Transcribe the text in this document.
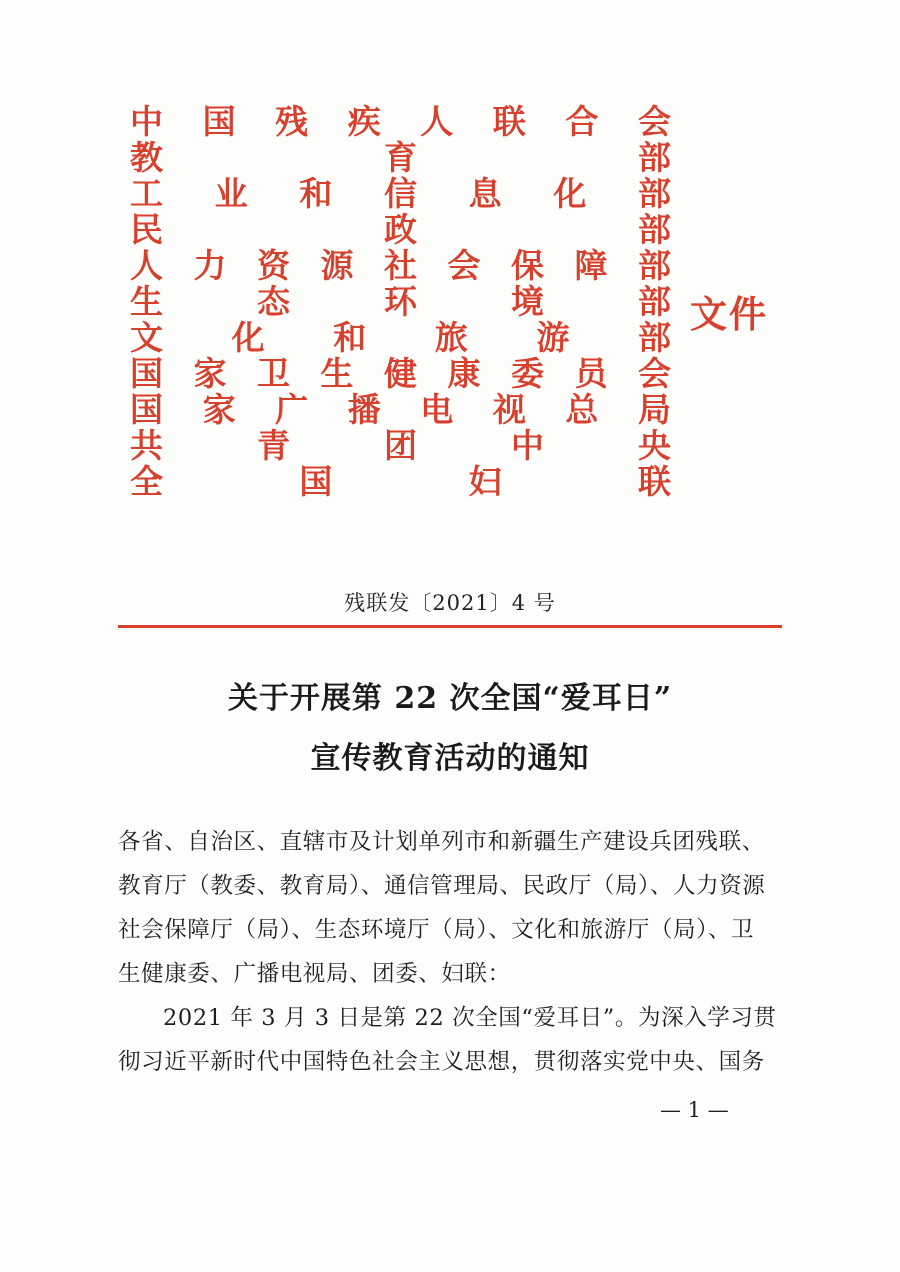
中 国 残 疾 人 联 合 会
教	育	部
工 业 和 信 息 化 部
民	政	部
人 力 资 源 社 会 保 障 部
生	态	环	境	部
文 化 和 旅 游 部
国 家 卫 生 健 康 委 员 会
国 家 广 播 电 视 总 局
共	青	团	中	央
全	国	妇	联
文件
残联发〔2021〕4 号
关于开展第 22 次全国“爱耳日”
宣传教育活动的通知
各省、自治区、直辖市及计划单列市和新疆生产建设兵团残联、
教育厅（教委、教育局）、通信管理局、民政厅（局）、人力资源
社会保障厅（局）、生态环境厅（局）、文化和旅游厅（局）、卫
生健康委、广播电视局、团委、妇联：
2021 年 3 月 3 日是第 22 次全国“爱耳日”。为深入学习贯
彻习近平新时代中国特色社会主义思想，贯彻落实党中央、国务
— 1 —
